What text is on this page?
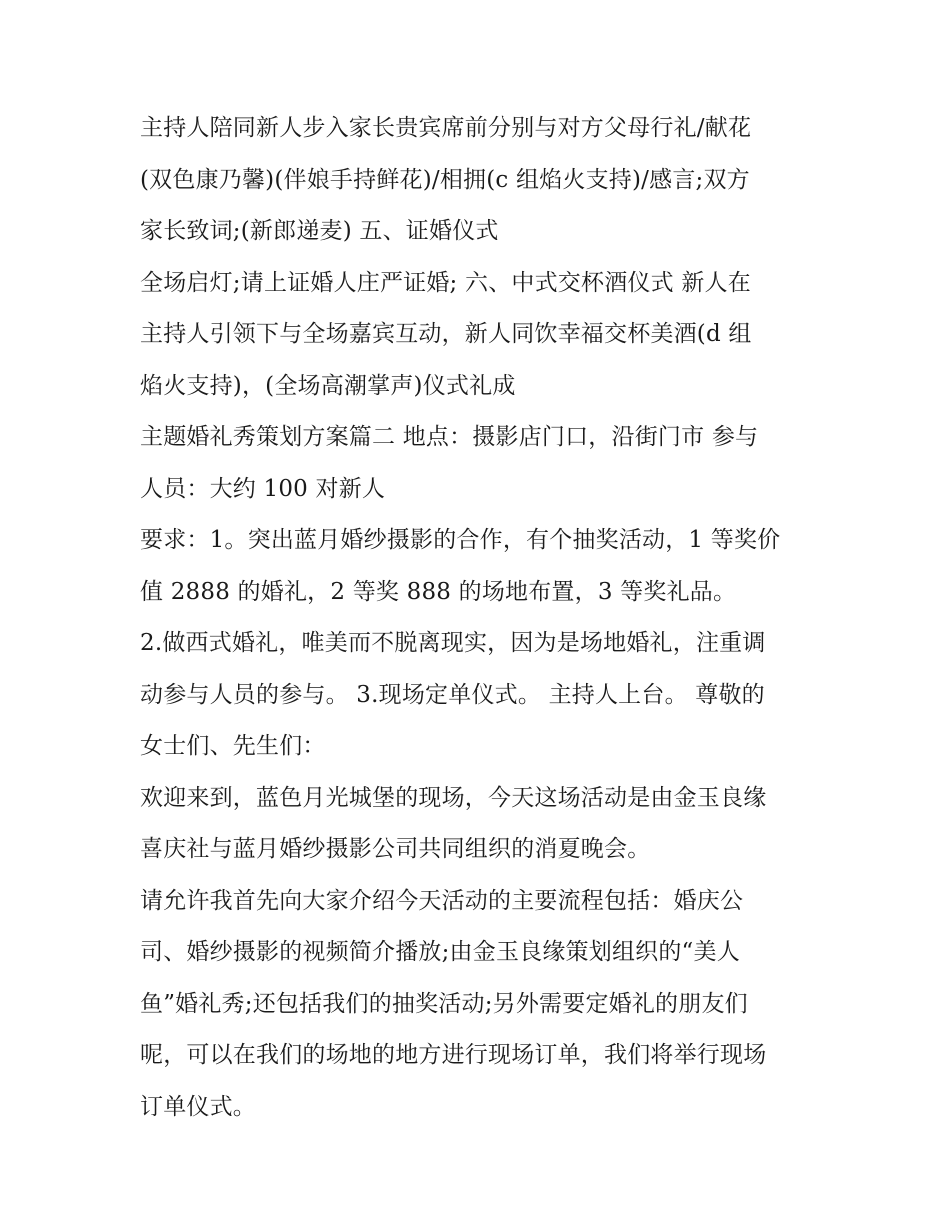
主持人陪同新人步入家长贵宾席前分别与对方父母行礼/献花
(双色康乃馨)(伴娘手持鲜花)/相拥(c 组焰火支持)/感言;双方
家长致词;(新郎递麦) 五、证婚仪式
全场启灯;请上证婚人庄严证婚; 六、中式交杯酒仪式 新人在
主持人引领下与全场嘉宾互动，新人同饮幸福交杯美酒(d 组
焰火支持)，(全场高潮掌声)仪式礼成
主题婚礼秀策划方案篇二 地点：摄影店门口，沿街门市 参与
人员：大约 100 对新人
要求：1。突出蓝月婚纱摄影的合作，有个抽奖活动，1 等奖价
值 2888 的婚礼，2 等奖 888 的场地布置，3 等奖礼品。
2.做西式婚礼，唯美而不脱离现实，因为是场地婚礼，注重调
动参与人员的参与。 3.现场定单仪式。 主持人上台。 尊敬的
女士们、先生们：
欢迎来到，蓝色月光城堡的现场，今天这场活动是由金玉良缘
喜庆社与蓝月婚纱摄影公司共同组织的消夏晚会。
请允许我首先向大家介绍今天活动的主要流程包括：婚庆公
司、婚纱摄影的视频简介播放;由金玉良缘策划组织的“美人
鱼”婚礼秀;还包括我们的抽奖活动;另外需要定婚礼的朋友们
呢，可以在我们的场地的地方进行现场订单，我们将举行现场
订单仪式。
